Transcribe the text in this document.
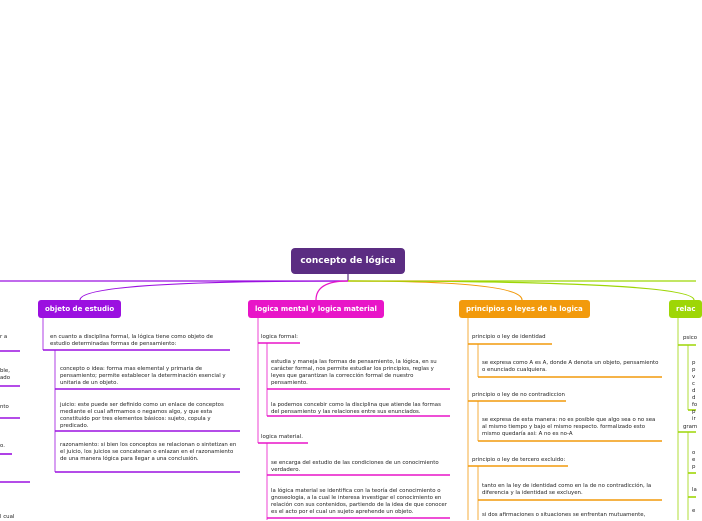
concepto de lógica
objeto de estudio	logica mental y logica material	principios o leyes de la logica	relac
en cuanto a disciplina formal, la lógica tiene como objeto de estudio determinadas formas de pensamiento:
concepto o idea: forma mas elemental y primaria de pensamiento; permite establecer la determinación esencial y unitaria de un objeto.
juicio: este puede ser definido como un enlace de conceptos mediante el cual afirmamos o negamos algo, y que esta constituido por tres elementos básicos: sujeto, copula y predicado.
razonamiento: si bien los conceptos se relacionan o sintetizan en el juicio, los juicios se concatenan o enlazan en el razonamiento de una manera lógica para llegar a una conclusión.
logica formal:
estudia y maneja las formas de pensamiento, la lógica, en su carácter formal, nos permite estudiar los principios, reglas y leyes que garantizan la corrección formal de nuestro pensamiento.
la podemos concebir como la disciplina que atiende las formas del pensamiento y las relaciones entre sus enunciados.
logica material.
se encarga del estudio de las condiciones de un conocimiento verdadero.
la lógica material se identifica con la teoría del conocimiento o gnoseologia, a la cual le interesa investigar el conocimiento en relación con sus contenidos, partiendo de la idea de que conocer es el acto por el cual un sujeto aprehende un objeto.
principio o ley de identidad
se expresa como A es A, donde A denota un objeto, pensamiento o enunciado cualquiera.
principio o ley de no contradiccion
se expresa de esta manera: no es posible que algo sea o no sea al mismo tiempo y bajo el mismo respecto. formalizado esto mismo quedaría asi: A no es no-A
principio o ley de tercero excluido:
tanto en la ley de identidad como en la de no contradicción, la diferencia y la identidad se excluyen.
si dos afirmaciones o situaciones se enfrentan mutuamente,
psico
p
p
v
c
d
d
fo
p
ir
gram
o
e
p
la
e
r a
ble,
ado
nto
o.
l cual
